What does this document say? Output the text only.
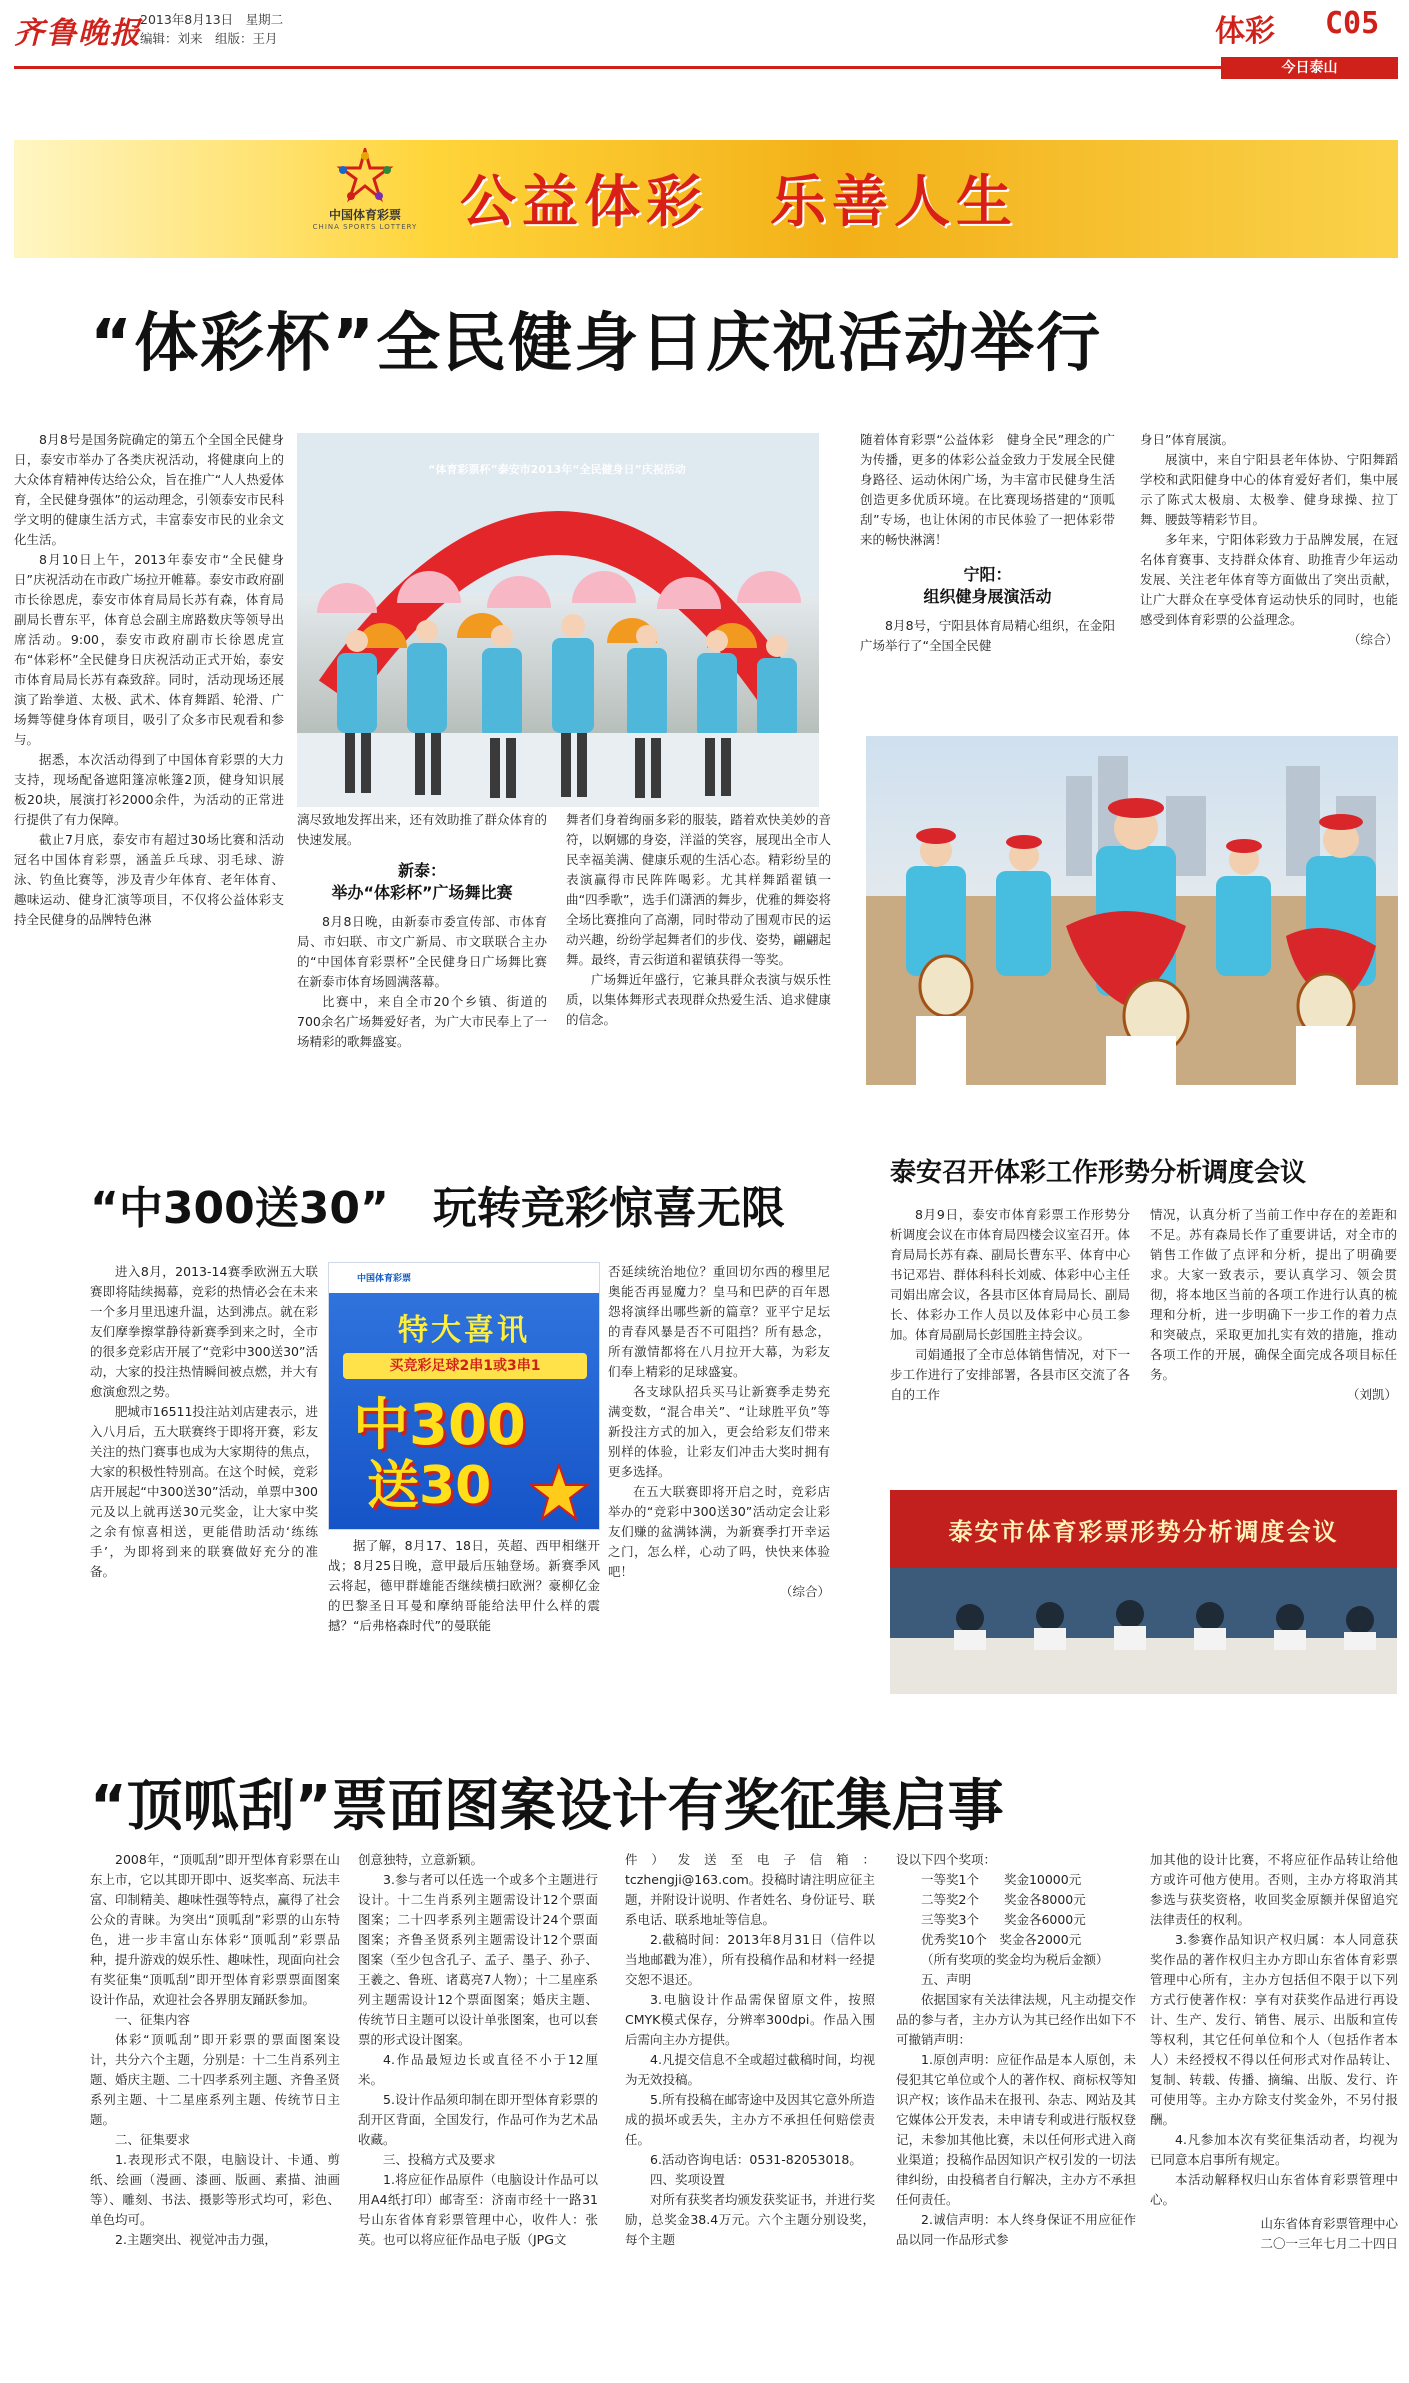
齐鲁晚报
2013年8月13日　星期二
编辑：刘来　组版：王月	体彩 C05
今日泰山
中国体育彩票
CHINA SPORTS LOTTERY 公益体彩　乐善人生
“体彩杯”全民健身日庆祝活动举行

8月8号是国务院确定的第五个全国全民健身日，泰安市举办了各类庆祝活动，将健康向上的大众体育精神传达给公众，旨在推广“人人热爱体育，全民健身强体”的运动理念，引领泰安市民科学文明的健康生活方式，丰富泰安市民的业余文化生活。

8月10日上午，2013年泰安市“全民健身日”庆祝活动在市政广场拉开帷幕。泰安市政府副市长徐恩虎，泰安市体育局局长苏有森，体育局副局长曹东平，体育总会副主席路数庆等领导出席活动。9:00，泰安市政府副市长徐恩虎宣布“体彩杯”全民健身日庆祝活动正式开始，泰安市体育局局长苏有森致辞。同时，活动现场还展演了跆拳道、太极、武术、体育舞蹈、轮滑、广场舞等健身体育项目，吸引了众多市民观看和参与。

据悉，本次活动得到了中国体育彩票的大力支持，现场配备遮阳篷凉帐篷2顶，健身知识展板20块，展演打衫2000余件，为活动的正常进行提供了有力保障。

截止7月底，泰安市有超过30场比赛和活动冠名中国体育彩票，涵盖乒乓球、羽毛球、游泳、钓鱼比赛等，涉及青少年体育、老年体育、趣味运动、健身汇演等项目，不仅将公益体彩支持全民健身的品牌特色淋

“体育彩票杯”泰安市2013年“全民健身日”庆祝活动
漓尽致地发挥出来，还有效助推了群众体育的快速发展。
新泰：
举办“体彩杯”广场舞比赛

8月8日晚，由新泰市委宣传部、市体育局、市妇联、市文广新局、市文联联合主办的“中国体育彩票杯”全民健身日广场舞比赛在新泰市体育场圆满落幕。

比赛中，来自全市20个乡镇、街道的700余名广场舞爱好者，为广大市民奉上了一场精彩的歌舞盛宴。

舞者们身着绚丽多彩的服装，踏着欢快美妙的音符，以婀娜的身姿，洋溢的笑容，展现出全市人民幸福美满、健康乐观的生活心态。精彩纷呈的表演赢得市民阵阵喝彩。尤其样舞蹈翟镇一曲“四季歌”，选手们潇洒的舞步，优雅的舞姿将全场比赛推向了高潮，同时带动了围观市民的运动兴趣，纷纷学起舞者们的步伐、姿势，翩翩起舞。最终，青云街道和翟镇获得一等奖。

广场舞近年盛行，它兼具群众表演与娱乐性质，以集体舞形式表现群众热爱生活、追求健康的信念。

随着体育彩票“公益体彩　健身全民”理念的广为传播，更多的体彩公益金致力于发展全民健身路径、运动休闲广场，为丰富市民健身生活创造更多优质环境。在比赛现场搭建的“顶呱刮”专场，也让休闲的市民体验了一把体彩带来的畅快淋漓！

宁阳：
组织健身展演活动

8月8号，宁阳县体育局精心组织，在金阳广场举行了“全国全民健

身日”体育展演。

展演中，来自宁阳县老年体协、宁阳舞蹈学校和武阳健身中心的体育爱好者们，集中展示了陈式太极扇、太极拳、健身球操、拉丁舞、腰鼓等精彩节目。

多年来，宁阳体彩致力于品牌发展，在冠名体育赛事、支持群众体育、助推青少年运动发展、关注老年体育等方面做出了突出贡献，让广大群众在享受体育运动快乐的同时，也能感受到体育彩票的公益理念。

（综合）
“中300送30”　玩转竞彩惊喜无限

进入8月，2013-14赛季欧洲五大联赛即将陆续揭幕，竞彩的热情必会在未来一个多月里迅速升温，达到沸点。就在彩友们摩拳擦掌静待新赛季到来之时，全市的很多竞彩店开展了“竞彩中300送30”活动，大家的投注热情瞬间被点燃，并大有愈演愈烈之势。

肥城市16511投注站刘店建表示，进入八月后，五大联赛终于即将开赛，彩友关注的热门赛事也成为大家期待的焦点，大家的积极性特别高。在这个时候，竞彩店开展起“中300送30”活动，单票中300元及以上就再送30元奖金，让大家中奖之余有惊喜相送，更能借助活动‘练练手’，为即将到来的联赛做好充分的准备。

中国体育彩票
特大喜讯
买竞彩足球2串1或3串1
中300
送30

据了解，8月17、18日，英超、西甲相继开战；8月25日晚，意甲最后压轴登场。新赛季风云将起，德甲群雄能否继续横扫欧洲？豪柳亿金的巴黎圣日耳曼和摩纳哥能给法甲什么样的震撼？“后弗格森时代”的曼联能

否延续统治地位？重回切尔西的穆里尼奥能否再显魔力？皇马和巴萨的百年恩怨将演绎出哪些新的篇章？亚平宁足坛的青春风暴是否不可阻挡？所有悬念，所有激情都将在八月拉开大幕，为彩友们奉上精彩的足球盛宴。

各支球队招兵买马让新赛季走势充满变数，“混合串关”、“让球胜平负”等新投注方式的加入，更会给彩友们带来别样的体验，让彩友们冲击大奖时拥有更多选择。

在五大联赛即将开启之时，竞彩店举办的“竞彩中300送30”活动定会让彩友们赚的盆满钵满，为新赛季打开幸运之门，怎么样，心动了吗，快快来体验吧！

（综合）
泰安召开体彩工作形势分析调度会议

8月9日，泰安市体育彩票工作形势分析调度会议在市体育局四楼会议室召开。体育局局长苏有森、副局长曹东平、体育中心书记邓岩、群体科科长刘威、体彩中心主任司娟出席会议，各县市区体育局局长、副局长、体彩办工作人员以及体彩中心员工参加。体育局副局长彭国胜主持会议。

司娟通报了全市总体销售情况，对下一步工作进行了安排部署，各县市区交流了各自的工作

情况，认真分析了当前工作中存在的差距和不足。苏有森局长作了重要讲话，对全市的销售工作做了点评和分析，提出了明确要求。大家一致表示，要认真学习、领会贯彻，将本地区当前的各项工作进行认真的梳理和分析，进一步明确下一步工作的着力点和突破点，采取更加扎实有效的措施，推动各项工作的开展，确保全面完成各项目标任务。

（刘凯）
泰安市体育彩票形势分析调度会议
“顶呱刮”票面图案设计有奖征集启事

2008年，“顶呱刮”即开型体育彩票在山东上市，它以其即开即中、返奖率高、玩法丰富、印制精美、趣味性强等特点，赢得了社会公众的青睐。为突出“顶呱刮”彩票的山东特色，进一步丰富山东体彩“顶呱刮”彩票品种，提升游戏的娱乐性、趣味性，现面向社会有奖征集“顶呱刮”即开型体育彩票票面图案设计作品，欢迎社会各界朋友踊跃参加。

一、征集内容

体彩“顶呱刮”即开彩票的票面图案设计，共分六个主题，分别是：十二生肖系列主题、婚庆主题、二十四孝系列主题、齐鲁圣贤系列主题、十二星座系列主题、传统节日主题。

二、征集要求

1.表现形式不限，电脑设计、卡通、剪纸、绘画（漫画、漆画、版画、素描、油画等）、雕刻、书法、摄影等形式均可，彩色、单色均可。

2.主题突出、视觉冲击力强，

创意独特，立意新颖。

3.参与者可以任选一个或多个主题进行设计。十二生肖系列主题需设计12个票面图案；二十四孝系列主题需设计24个票面图案；齐鲁圣贤系列主题需设计12个票面图案（至少包含孔子、孟子、墨子、孙子、王羲之、鲁班、诸葛亮7人物）；十二星座系列主题需设计12个票面图案；婚庆主题、传统节日主题可以设计单张图案，也可以套票的形式设计图案。

4.作品最短边长或直径不小于12厘米。

5.设计作品须印制在即开型体育彩票的刮开区背面，全国发行，作品可作为艺术品收藏。

三、投稿方式及要求

1.将应征作品原件（电脑设计作品可以用A4纸打印）邮寄至：济南市经十一路31号山东省体育彩票管理中心，收件人：张英。也可以将应征作品电子版（JPG文

件）发送至电子信箱：tczhengji@163.com。投稿时请注明应征主题，并附设计说明、作者姓名、身份证号、联系电话、联系地址等信息。

2.截稿时间：2013年8月31日（信件以当地邮戳为准），所有投稿作品和材料一经提交恕不退还。

3.电脑设计作品需保留原文件，按照CMYK模式保存，分辨率300dpi。作品入围后需向主办方提供。

4.凡提交信息不全或超过截稿时间，均视为无效投稿。

5.所有投稿在邮寄途中及因其它意外所造成的损坏或丢失，主办方不承担任何赔偿责任。

6.活动咨询电话：0531-82053018。

四、奖项设置

对所有获奖者均颁发获奖证书，并进行奖励，总奖金38.4万元。六个主题分别设奖，每个主题

设以下四个奖项：

一等奖1个　　奖金10000元

二等奖2个　　奖金各8000元

三等奖3个　　奖金各6000元

优秀奖10个　奖金各2000元

（所有奖项的奖金均为税后金额）

五、声明

依据国家有关法律法规，凡主动提交作品的参与者，主办方认为其已经作出如下不可撤销声明：

1.原创声明：应征作品是本人原创，未侵犯其它单位或个人的著作权、商标权等知识产权；该作品未在报刊、杂志、网站及其它媒体公开发表，未申请专利或进行版权登记，未参加其他比赛，未以任何形式进入商业渠道；投稿作品因知识产权引发的一切法律纠纷，由投稿者自行解决，主办方不承担任何责任。

2.诚信声明：本人终身保证不用应征作品以同一作品形式参

加其他的设计比赛，不将应征作品转让给他方或许可他方使用。否则，主办方将取消其参选与获奖资格，收回奖金原额并保留追究法律责任的权利。

3.参赛作品知识产权归属：本人同意获奖作品的著作权归主办方即山东省体育彩票管理中心所有，主办方包括但不限于以下列方式行使著作权：享有对获奖作品进行再设计、生产、发行、销售、展示、出版和宣传等权利，其它任何单位和个人（包括作者本人）未经授权不得以任何形式对作品转让、复制、转载、传播、摘编、出版、发行、许可使用等。主办方除支付奖金外，不另付报酬。

4.凡参加本次有奖征集活动者，均视为已同意本启事所有规定。

本活动解释权归山东省体育彩票管理中心。

山东省体育彩票管理中心
二〇一三年七月二十四日
